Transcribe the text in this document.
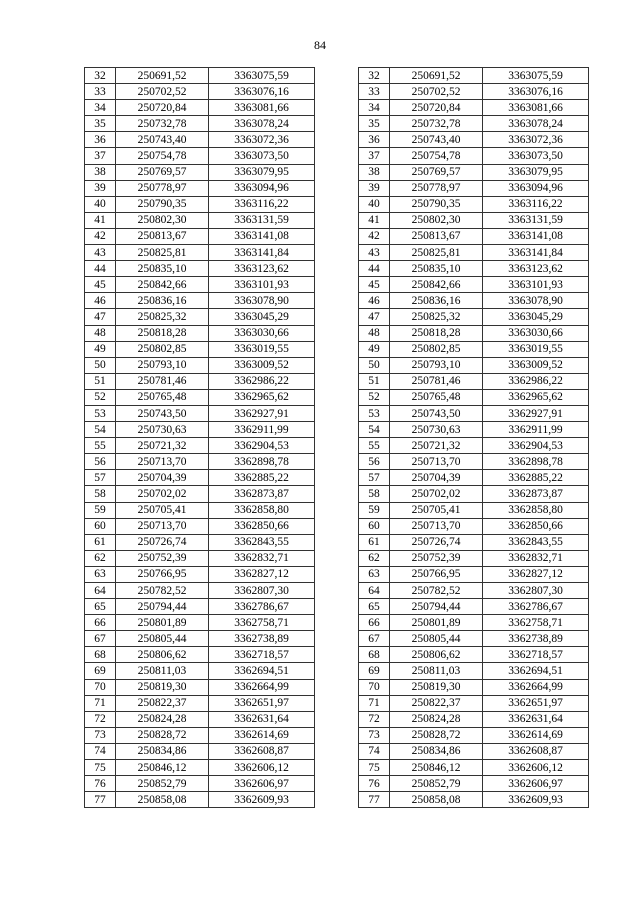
84
32	250691,52	3363075,59
33	250702,52	3363076,16
34	250720,84	3363081,66
35	250732,78	3363078,24
36	250743,40	3363072,36
37	250754,78	3363073,50
38	250769,57	3363079,95
39	250778,97	3363094,96
40	250790,35	3363116,22
41	250802,30	3363131,59
42	250813,67	3363141,08
43	250825,81	3363141,84
44	250835,10	3363123,62
45	250842,66	3363101,93
46	250836,16	3363078,90
47	250825,32	3363045,29
48	250818,28	3363030,66
49	250802,85	3363019,55
50	250793,10	3363009,52
51	250781,46	3362986,22
52	250765,48	3362965,62
53	250743,50	3362927,91
54	250730,63	3362911,99
55	250721,32	3362904,53
56	250713,70	3362898,78
57	250704,39	3362885,22
58	250702,02	3362873,87
59	250705,41	3362858,80
60	250713,70	3362850,66
61	250726,74	3362843,55
62	250752,39	3362832,71
63	250766,95	3362827,12
64	250782,52	3362807,30
65	250794,44	3362786,67
66	250801,89	3362758,71
67	250805,44	3362738,89
68	250806,62	3362718,57
69	250811,03	3362694,51
70	250819,30	3362664,99
71	250822,37	3362651,97
72	250824,28	3362631,64
73	250828,72	3362614,69
74	250834,86	3362608,87
75	250846,12	3362606,12
76	250852,79	3362606,97
77	250858,08	3362609,93
32	250691,52	3363075,59
33	250702,52	3363076,16
34	250720,84	3363081,66
35	250732,78	3363078,24
36	250743,40	3363072,36
37	250754,78	3363073,50
38	250769,57	3363079,95
39	250778,97	3363094,96
40	250790,35	3363116,22
41	250802,30	3363131,59
42	250813,67	3363141,08
43	250825,81	3363141,84
44	250835,10	3363123,62
45	250842,66	3363101,93
46	250836,16	3363078,90
47	250825,32	3363045,29
48	250818,28	3363030,66
49	250802,85	3363019,55
50	250793,10	3363009,52
51	250781,46	3362986,22
52	250765,48	3362965,62
53	250743,50	3362927,91
54	250730,63	3362911,99
55	250721,32	3362904,53
56	250713,70	3362898,78
57	250704,39	3362885,22
58	250702,02	3362873,87
59	250705,41	3362858,80
60	250713,70	3362850,66
61	250726,74	3362843,55
62	250752,39	3362832,71
63	250766,95	3362827,12
64	250782,52	3362807,30
65	250794,44	3362786,67
66	250801,89	3362758,71
67	250805,44	3362738,89
68	250806,62	3362718,57
69	250811,03	3362694,51
70	250819,30	3362664,99
71	250822,37	3362651,97
72	250824,28	3362631,64
73	250828,72	3362614,69
74	250834,86	3362608,87
75	250846,12	3362606,12
76	250852,79	3362606,97
77	250858,08	3362609,93
